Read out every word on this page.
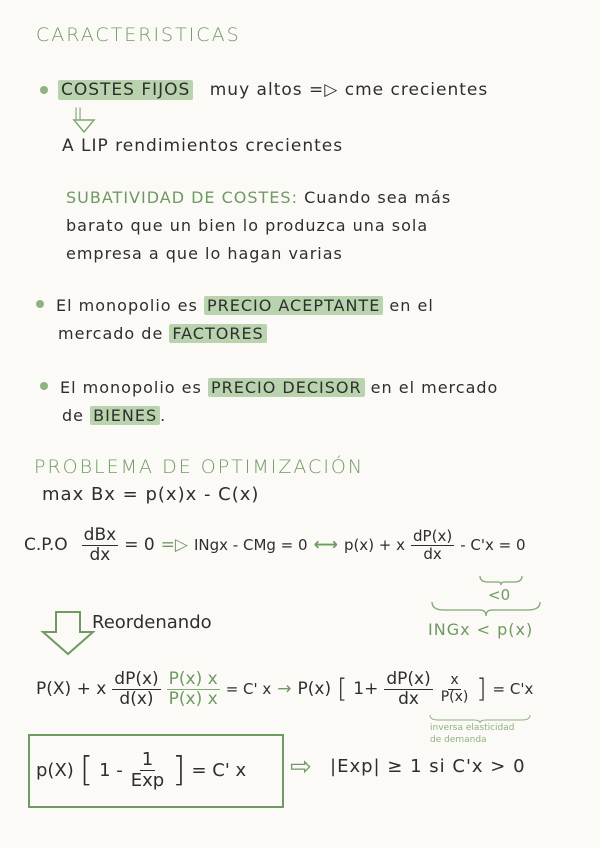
CARACTERISTICAS
COSTES FIJOS muy altos =▷ cme crecientes
||
A LIP rendimientos crecientes
SUBATIVIDAD DE COSTES: Cuando sea más
barato que un bien lo produzca una sola
empresa a que lo hagan varias
El monopolio es PRECIO ACEPTANTE en el
mercado de FACTORES
El monopolio es PRECIO DECISOR en el mercado
de BIENES .
PROBLEMA DE OPTIMIZACIÓN
max Bx = p(x)x - C(x)
$C.P.O \frac{\text{dBx}}{dx} = 0$ =▷ INgx - CMg = 0 ⟷ p(x) + x $\frac{dP(x)}{dx} - C'x = 0$
<0
INGx < p(x)
Reordenando
P(X) + x $\frac{dP(x)}{d(x)} \frac{P(x) x}{P(x) x} = C'$ x → P(x) [ $1+ \frac{dP(x)}{dx} \frac{x}{P(x)}$ ] = C'x
inversa elasticidad
de demanda
p(X) [ $1 - \frac{1}{\text{Exp}}$ ] = C' x ⇨ |Exp| ≥ 1 si C'x > 0
